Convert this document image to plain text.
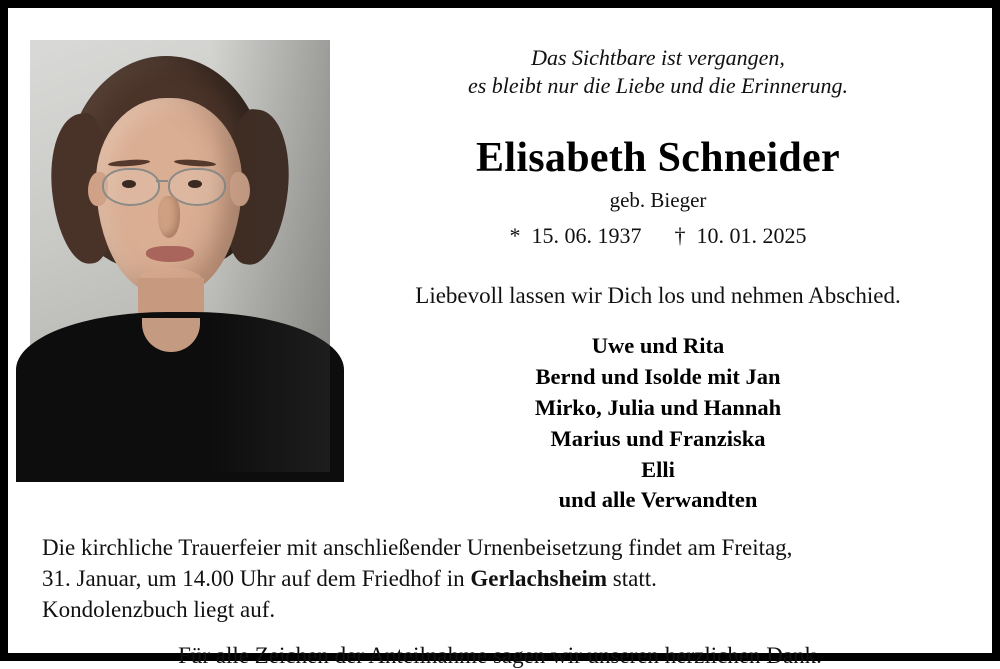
Das Sichtbare ist vergangen,
es bleibt nur die Liebe und die Erinnerung.
Elisabeth Schneider
geb. Bieger
*  15. 06. 1937      †  10. 01. 2025
Liebevoll lassen wir Dich los und nehmen Abschied.
Uwe und Rita
Bernd und Isolde mit Jan
Mirko, Julia und Hannah
Marius und Franziska
Elli
und alle Verwandten
Die kirchliche Trauerfeier mit anschließender Urnenbeisetzung findet am Freitag,
31. Januar, um 14.00 Uhr auf dem Friedhof in Gerlachsheim statt.
Kondolenzbuch liegt auf.
Für alle Zeichen der Anteilnahme sagen wir unseren herzlichen Dank.
